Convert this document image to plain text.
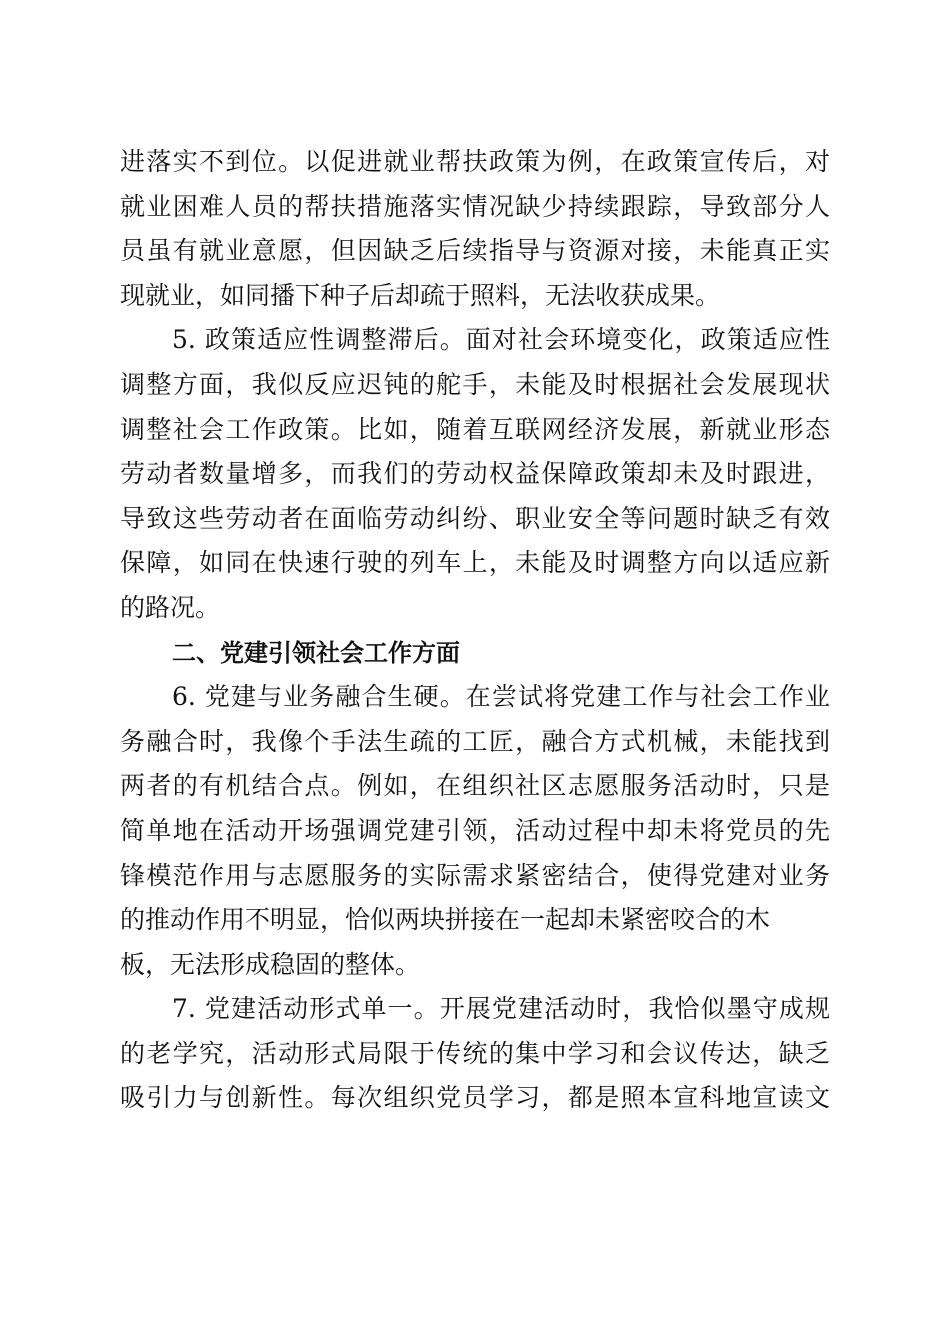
进落实不到位。以促进就业帮扶政策为例，在政策宣传后，对
就业困难人员的帮扶措施落实情况缺少持续跟踪，导致部分人
员虽有就业意愿，但因缺乏后续指导与资源对接，未能真正实
现就业，如同播下种子后却疏于照料，无法收获成果。
5. 政策适应性调整滞后。面对社会环境变化，政策适应性
调整方面，我似反应迟钝的舵手，未能及时根据社会发展现状
调整社会工作政策。比如，随着互联网经济发展，新就业形态
劳动者数量增多，而我们的劳动权益保障政策却未及时跟进，
导致这些劳动者在面临劳动纠纷、职业安全等问题时缺乏有效
保障，如同在快速行驶的列车上，未能及时调整方向以适应新
的路况。
二、党建引领社会工作方面
6. 党建与业务融合生硬。在尝试将党建工作与社会工作业
务融合时，我像个手法生疏的工匠，融合方式机械，未能找到
两者的有机结合点。例如，在组织社区志愿服务活动时，只是
简单地在活动开场强调党建引领，活动过程中却未将党员的先
锋模范作用与志愿服务的实际需求紧密结合，使得党建对业务
的推动作用不明显，恰似两块拼接在一起却未紧密咬合的木
板，无法形成稳固的整体。
7. 党建活动形式单一。开展党建活动时，我恰似墨守成规
的老学究，活动形式局限于传统的集中学习和会议传达，缺乏
吸引力与创新性。每次组织党员学习，都是照本宣科地宣读文
